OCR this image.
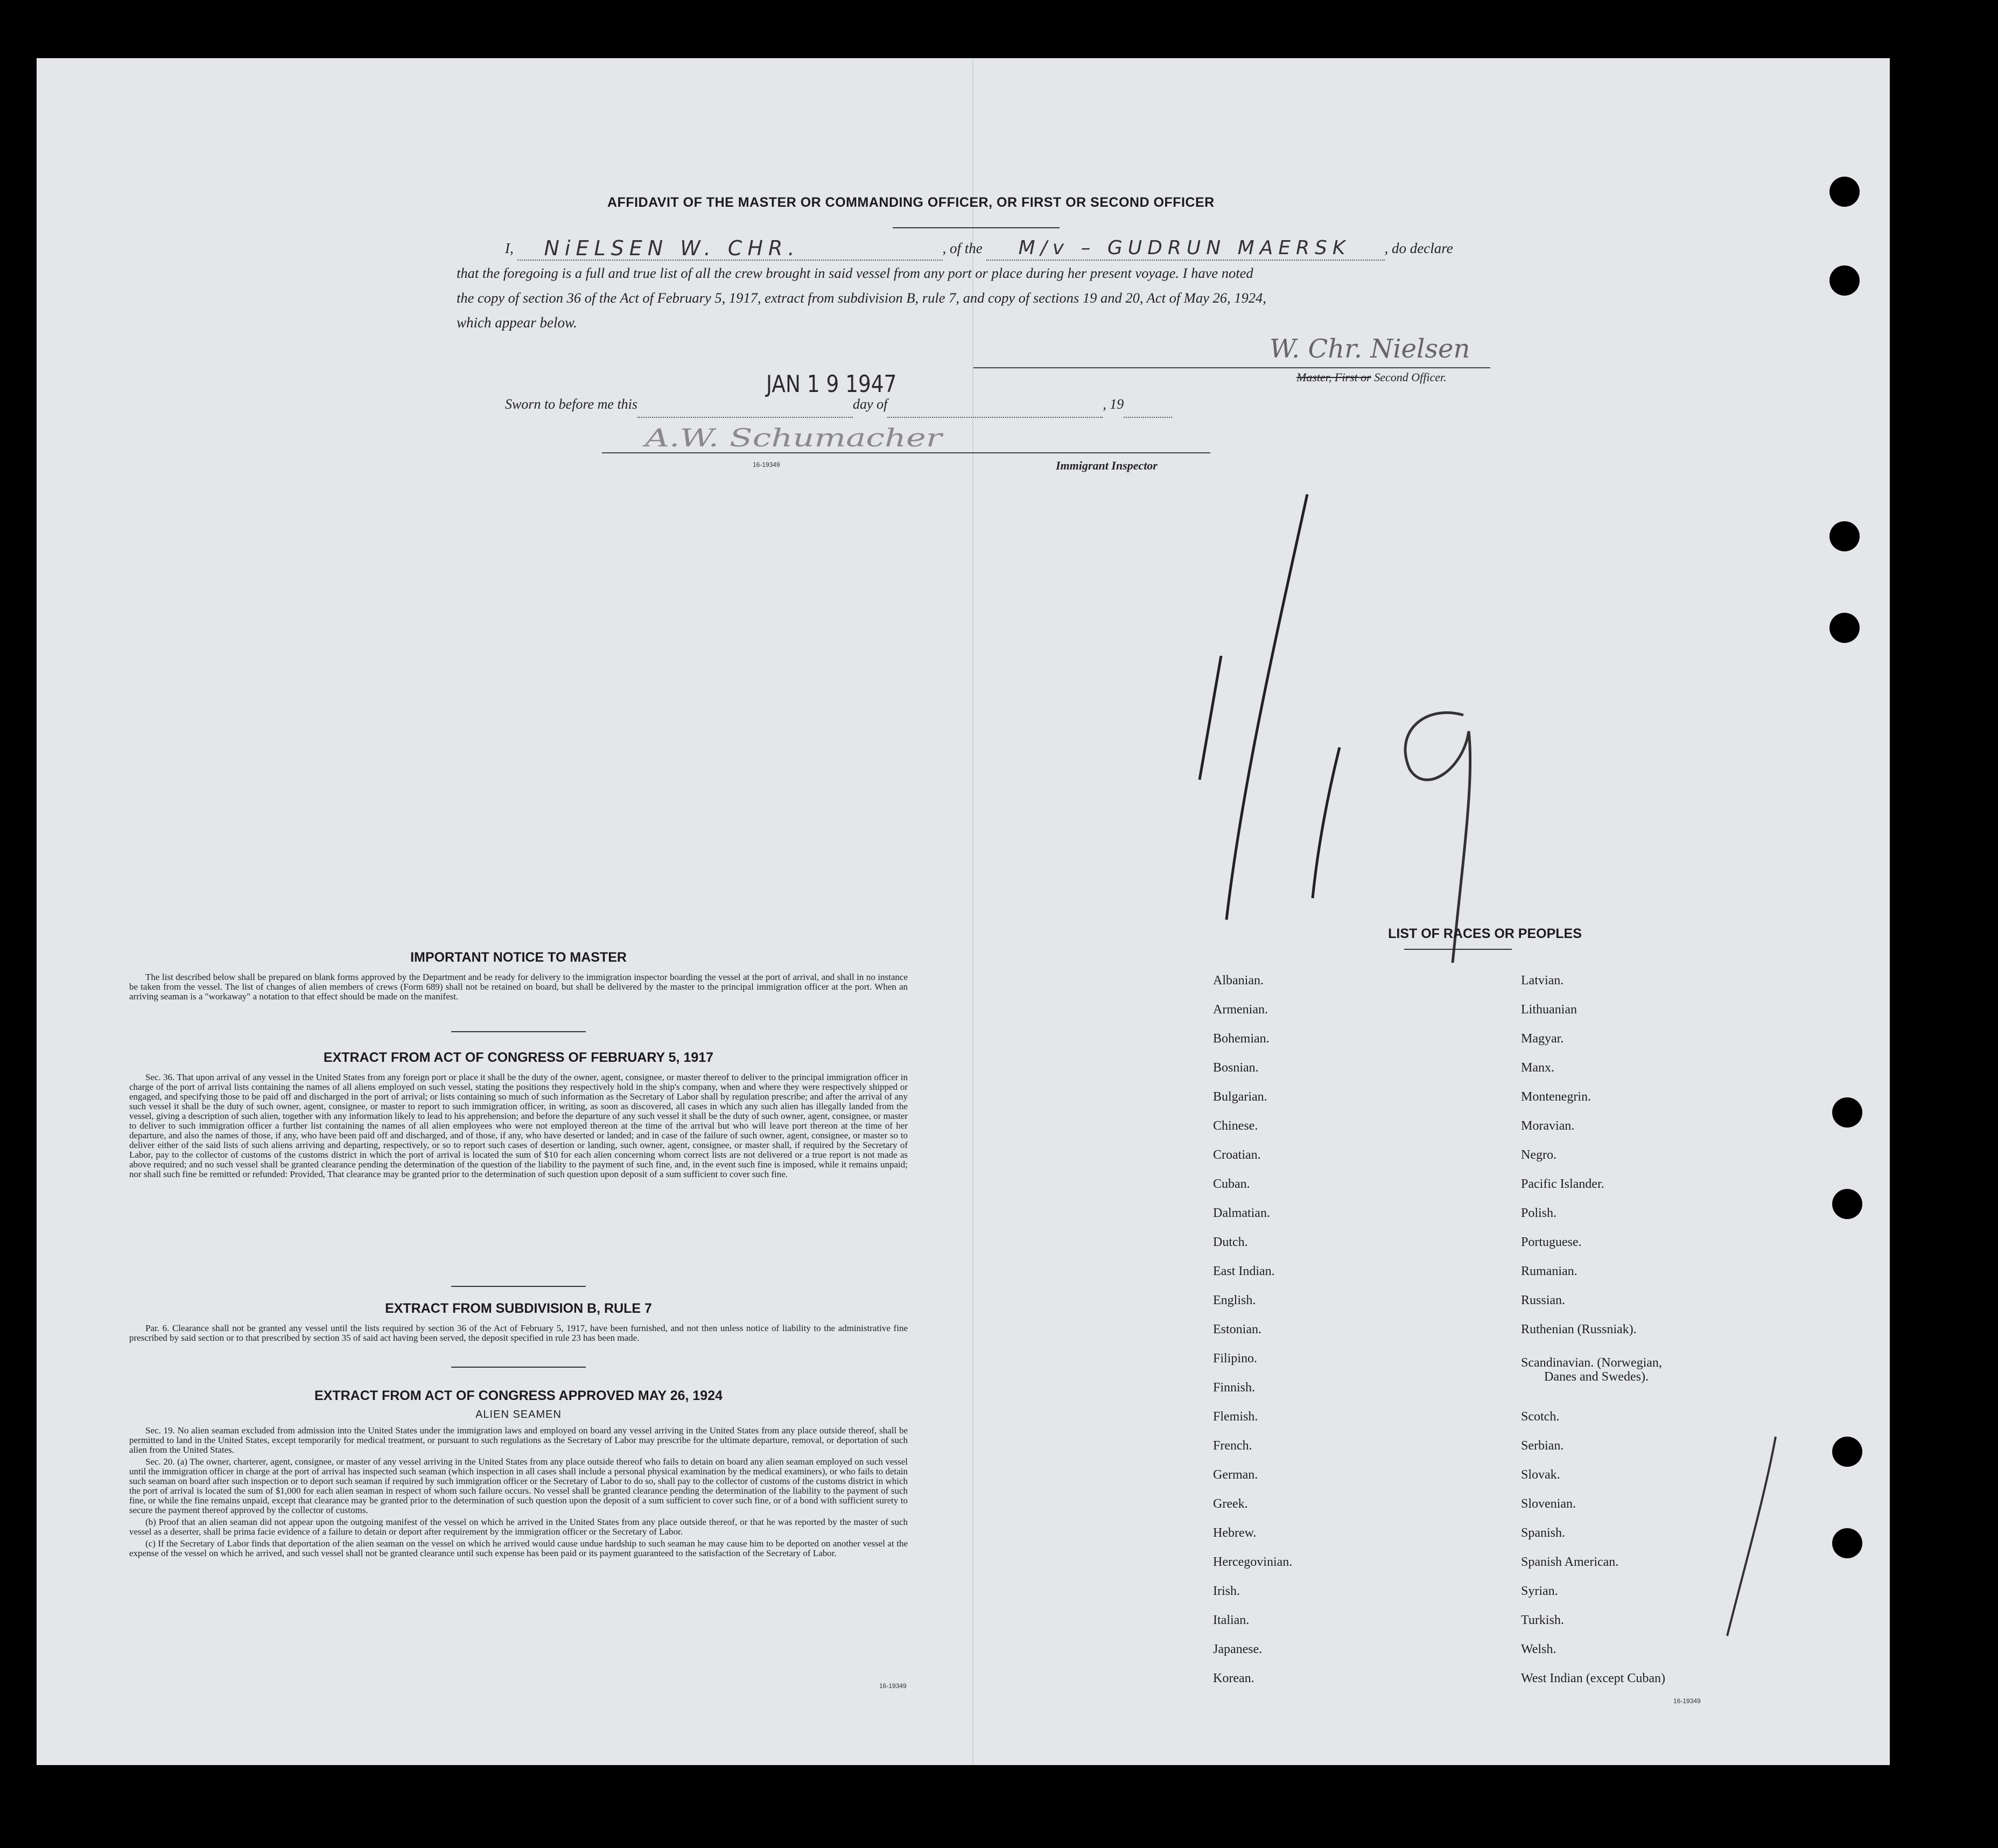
AFFIDAVIT OF THE MASTER OR COMMANDING OFFICER, OR FIRST OR SECOND OFFICER
I, NiELSEN W. CHR.	, of the M/v – GUDRUN MAERSK , do declare
that the foregoing is a full and true list of all the crew brought in said vessel from any port or place during her present voyage. I have noted
the copy of section 36 of the Act of February 5, 1917, extract from subdivision B, rule 7, and copy of sections 19 and 20, Act of May 26, 1924,
which appear below.
W. Chr. Nielsen
Master, First or Second Officer.
JAN 1 9 1947
Sworn to before me this	day of	, 19
A.W. Schumacher
16-19349	Immigrant Inspector
IMPORTANT NOTICE TO MASTER

The list described below shall be prepared on blank forms approved by the Department and be ready for delivery to the immigration inspector boarding the vessel at the port of arrival, and shall in no instance be taken from the vessel. The list of changes of alien members of crews (Form 689) shall not be retained on board, but shall be delivered by the master to the principal immigration officer at the port. When an arriving seaman is a "workaway" a notation to that effect should be made on the manifest.

EXTRACT FROM ACT OF CONGRESS OF FEBRUARY 5, 1917

Sec. 36. That upon arrival of any vessel in the United States from any foreign port or place it shall be the duty of the owner, agent, consignee, or master thereof to deliver to the principal immigration officer in charge of the port of arrival lists containing the names of all aliens employed on such vessel, stating the positions they respectively hold in the ship's company, when and where they were respectively shipped or engaged, and specifying those to be paid off and discharged in the port of arrival; or lists containing so much of such information as the Secretary of Labor shall by regulation prescribe; and after the arrival of any such vessel it shall be the duty of such owner, agent, consignee, or master to report to such immigration officer, in writing, as soon as discovered, all cases in which any such alien has illegally landed from the vessel, giving a description of such alien, together with any information likely to lead to his apprehension; and before the departure of any such vessel it shall be the duty of such owner, agent, consignee, or master to deliver to such immigration officer a further list containing the names of all alien employees who were not employed thereon at the time of the arrival but who will leave port thereon at the time of her departure, and also the names of those, if any, who have been paid off and discharged, and of those, if any, who have deserted or landed; and in case of the failure of such owner, agent, consignee, or master so to deliver either of the said lists of such aliens arriving and departing, respectively, or so to report such cases of desertion or landing, such owner, agent, consignee, or master shall, if required by the Secretary of Labor, pay to the collector of customs of the customs district in which the port of arrival is located the sum of $10 for each alien concerning whom correct lists are not delivered or a true report is not made as above required; and no such vessel shall be granted clearance pending the determination of the question of the liability to the payment of such fine, and, in the event such fine is imposed, while it remains unpaid; nor shall such fine be remitted or refunded: Provided, That clearance may be granted prior to the determination of such question upon deposit of a sum sufficient to cover such fine.

EXTRACT FROM SUBDIVISION B, RULE 7

Par. 6. Clearance shall not be granted any vessel until the lists required by section 36 of the Act of February 5, 1917, have been furnished, and not then unless notice of liability to the administrative fine prescribed by said section or to that prescribed by section 35 of said act having been served, the deposit specified in rule 23 has been made.

EXTRACT FROM ACT OF CONGRESS APPROVED MAY 26, 1924
ALIEN SEAMEN

Sec. 19. No alien seaman excluded from admission into the United States under the immigration laws and employed on board any vessel arriving in the United States from any place outside thereof, shall be permitted to land in the United States, except temporarily for medical treatment, or pursuant to such regulations as the Secretary of Labor may prescribe for the ultimate departure, removal, or deportation of such alien from the United States.

Sec. 20. (a) The owner, charterer, agent, consignee, or master of any vessel arriving in the United States from any place outside thereof who fails to detain on board any alien seaman employed on such vessel until the immigration officer in charge at the port of arrival has inspected such seaman (which inspection in all cases shall include a personal physical examination by the medical examiners), or who fails to detain such seaman on board after such inspection or to deport such seaman if required by such immigration officer or the Secretary of Labor to do so, shall pay to the collector of customs of the customs district in which the port of arrival is located the sum of $1,000 for each alien seaman in respect of whom such failure occurs. No vessel shall be granted clearance pending the determination of the liability to the payment of such fine, or while the fine remains unpaid, except that clearance may be granted prior to the determination of such question upon the deposit of a sum sufficient to cover such fine, or of a bond with sufficient surety to secure the payment thereof approved by the collector of customs.

(b) Proof that an alien seaman did not appear upon the outgoing manifest of the vessel on which he arrived in the United States from any place outside thereof, or that he was reported by the master of such vessel as a deserter, shall be prima facie evidence of a failure to detain or deport after requirement by the immigration officer or the Secretary of Labor.

(c) If the Secretary of Labor finds that deportation of the alien seaman on the vessel on which he arrived would cause undue hardship to such seaman he may cause him to be deported on another vessel at the expense of the vessel on which he arrived, and such vessel shall not be granted clearance until such expense has been paid or its payment guaranteed to the satisfaction of the Secretary of Labor.

16-19349
LIST OF RACES OR PEOPLES
Albanian.
Armenian.
Bohemian.
Bosnian.
Bulgarian.
Chinese.
Croatian.
Cuban.
Dalmatian.
Dutch.
East Indian.
English.
Estonian.
Filipino.
Finnish.
Flemish.
French.
German.
Greek.
Hebrew.
Hercegovinian.
Irish.
Italian.
Japanese.
Korean.
Latvian.
Lithuanian
Magyar.
Manx.
Montenegrin.
Moravian.
Negro.
Pacific Islander.
Polish.
Portuguese.
Rumanian.
Russian.
Ruthenian (Russniak).
Scandinavian. (Norwegian,
Danes and Swedes).
Scotch.
Serbian.
Slovak.
Slovenian.
Spanish.
Spanish American.
Syrian.
Turkish.
Welsh.
West Indian (except Cuban)
16-19349
